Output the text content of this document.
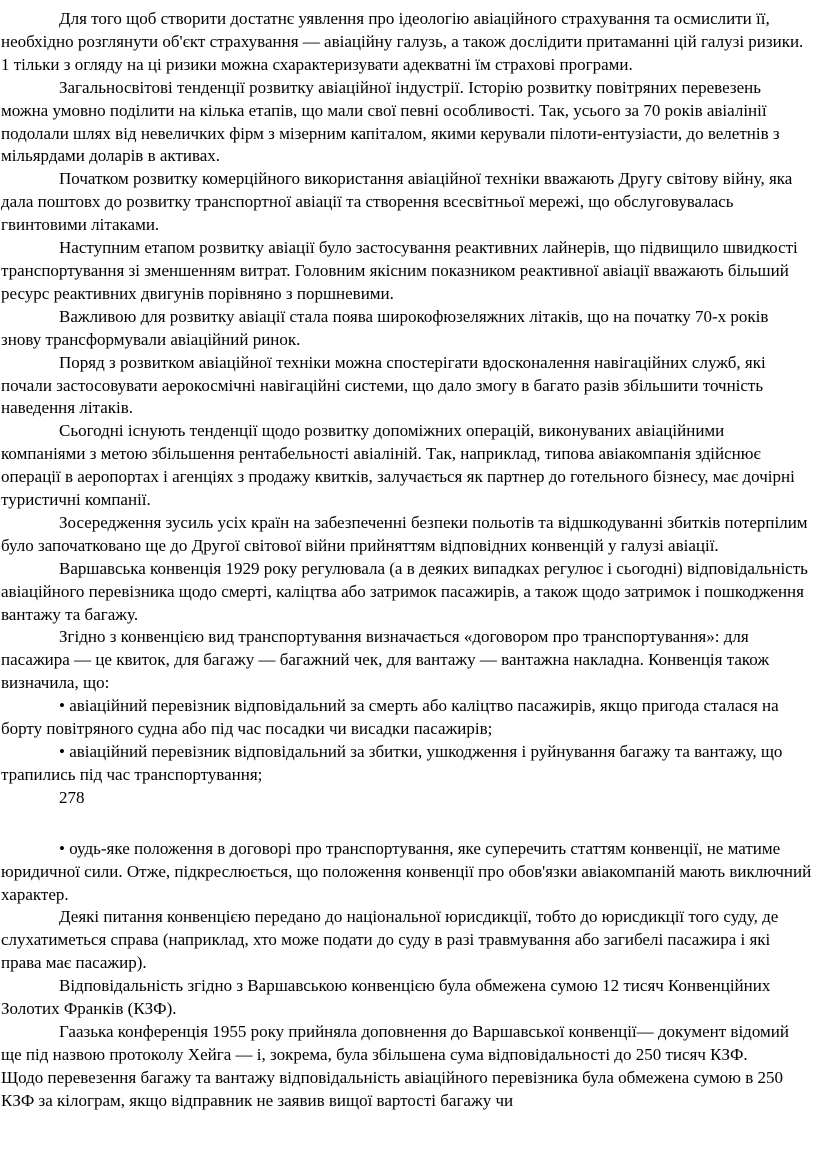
Для того щоб створити достатнє уявлення про ідеологію авіаційного страхування та осмислити її, необхідно розглянути об'єкт страхування — авіаційну галузь, а також дослідити притаманні цій галузі ризики. 1 тільки з огляду на ці ризики можна схарактеризувати адекватні їм страхові програми.

Загальносвітові тенденції розвитку авіаційної індустрії. Історію розвитку повітряних перевезень можна умовно поділити на кілька етапів, що мали свої певні особливості. Так, усього за 70 років авіалінії подолали шлях від невеличких фірм з мізерним капіталом, якими керували пілоти-ентузіасти, до велетнів з мільярдами доларів в активах.

Початком розвитку комерційного використання авіаційної техніки вважають Другу світову війну, яка дала поштовх до розвитку транспортної авіації та створення всесвітньої мережі, що обслуговувалась гвинтовими літаками.

Наступним етапом розвитку авіації було застосування реактивних лайнерів, що підвищило швидкості транспортування зі зменшенням витрат. Головним якісним показником реактивної авіації вважають більший ресурс реактивних двигунів порівняно з поршневими.

Важливою для розвитку авіації стала поява широкофюзеляжних літаків, що на початку 70-х років знову трансформували авіаційний ринок.

Поряд з розвитком авіаційної техніки можна спостерігати вдосконалення навігаційних служб, які почали застосовувати аерокосмічні навігаційні системи, що дало змогу в багато разів збільшити точність наведення літаків.

Сьогодні існують тенденції щодо розвитку допоміжних операцій, виконуваних авіаційними компаніями з метою збільшення рентабельності авіаліній. Так, наприклад, типова авіакомпанія здійснює операції в аеропортах і агенціях з продажу квитків, залучається як партнер до готельного бізнесу, має дочірні туристичні компанії.

Зосередження зусиль усіх країн на забезпеченні безпеки польотів та відшкодуванні збитків потерпілим було започатковано ще до Другої світової війни прийняттям відповідних конвенцій у галузі авіації.

Варшавська конвенція 1929 року регулювала (а в деяких випадках регулює і сьогодні) відповідальність авіаційного перевізника щодо смерті, каліцтва або затримок пасажирів, а також щодо затримок і пошкодження вантажу та багажу.

Згідно з конвенцією вид транспортування визначається «договором про транспортування»: для пасажира — це квиток, для багажу — багажний чек, для вантажу — вантажна накладна. Конвенція також визначила, що:

• авіаційний перевізник відповідальний за смерть або каліцтво пасажирів, якщо пригода сталася на борту повітряного судна або під час посадки чи висадки пасажирів;

• авіаційний перевізник відповідальний за збитки, ушкодження і руйнування багажу та вантажу, що трапились під час транспортування;

278

• оудь-яке положення в договорі про транспортування, яке суперечить статтям конвенції, не матиме юридичної сили. Отже, підкреслюється, що положення конвенції про обов'язки авіакомпаній мають виключний характер.

Деякі питання конвенцією передано до національної юрисдикції, тобто до юрисдикції того суду, де слухатиметься справа (наприклад, хто може подати до суду в разі травмування або загибелі пасажира і які права має пасажир).

Відповідальність згідно з Варшавською конвенцією була обмежена сумою 12 тисяч Конвенційних Золотих Франків (КЗФ).

Гаазька конференція 1955 року прийняла доповнення до Варшавської конвенції— документ відомий ще під назвою протоколу Хейга — і, зокрема, була збільшена сума відповідальності до 250 тисяч КЗФ.

Щодо перевезення багажу та вантажу відповідальність авіаційного перевізника була обмежена сумою в 250 КЗФ за кілограм, якщо відправник не заявив вищої вартості багажу чи
